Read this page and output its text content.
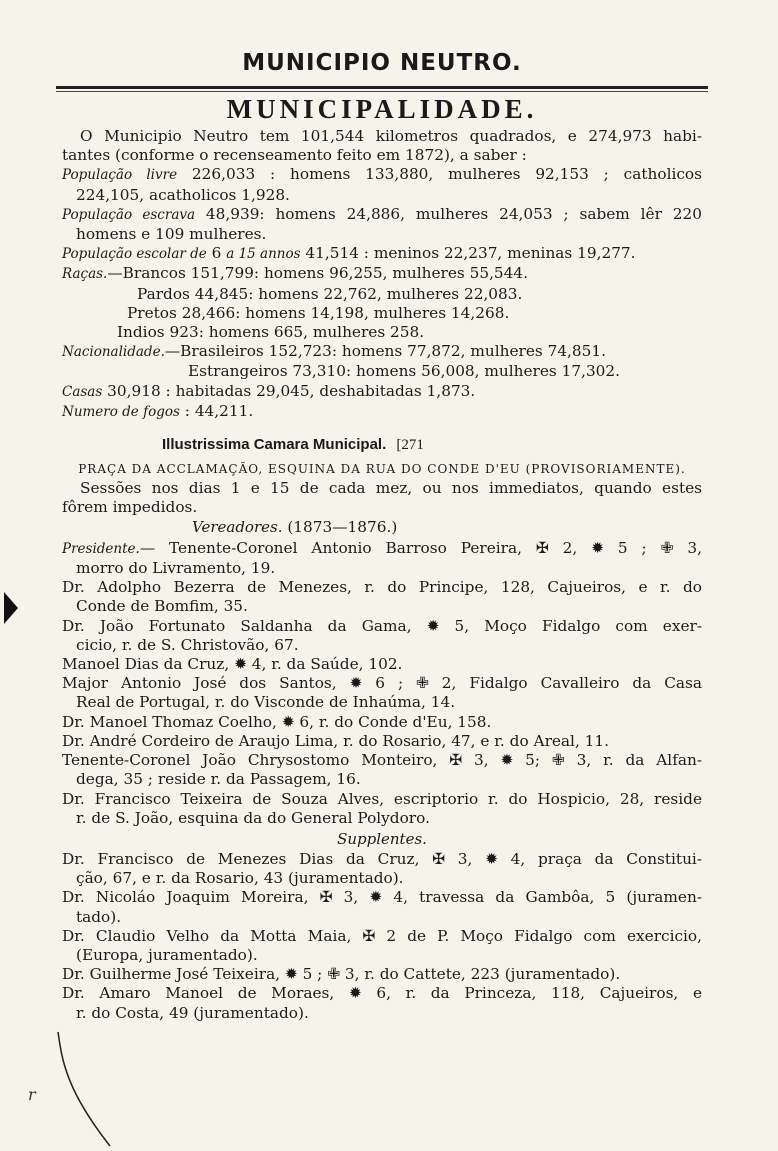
r
MUNICIPIO NEUTRO.
MUNICIPALIDADE.
O Municipio Neutro tem 101,544 kilometros quadrados, e 274,973 habi-
tantes (conforme o recenseamento feito em 1872), a saber :
População livre 226,033 : homens 133,880, mulheres 92,153 ; catholicos
224,105, acatholicos 1,928.
População escrava 48,939: homens 24,886, mulheres 24,053 ; sabem lêr 220
homens e 109 mulheres.
População escolar de 6 a 15 annos 41,514 : meninos 22,237, meninas 19,277.
Raças.—Brancos 151,799: homens 96,255, mulheres 55,544.
Pardos 44,845: homens 22,762, mulheres 22,083.
Pretos 28,466: homens 14,198, mulheres 14,268.
Indios 923: homens 665, mulheres 258.
Nacionalidade.—Brasileiros 152,723: homens 77,872, mulheres 74,851.
Estrangeiros 73,310: homens 56,008, mulheres 17,302.
Casas 30,918 : habitadas 29,045, deshabitadas 1,873.
Numero de fogos : 44,211.
Illustrissima Camara Municipal. [271
PRAÇA DA ACCLAMAÇÃO, ESQUINA DA RUA DO CONDE D'EU (PROVISORIAMENTE).
Sessões nos dias 1 e 15 de cada mez, ou nos immediatos, quando estes
fôrem impedidos.
Vereadores. (1873—1876.)
Presidente.— Tenente-Coronel Antonio Barroso Pereira, ✠ 2, ✹ 5 ; ✙ 3,
morro do Livramento, 19.
Dr. Adolpho Bezerra de Menezes, r. do Principe, 128, Cajueiros, e r. do
Conde de Bomfim, 35.
Dr. João Fortunato Saldanha da Gama, ✹ 5, Moço Fidalgo com exer-
cicio, r. de S. Christovão, 67.
Manoel Dias da Cruz, ✹ 4, r. da Saúde, 102.
Major Antonio José dos Santos, ✹ 6 ; ✙ 2, Fidalgo Cavalleiro da Casa
Real de Portugal, r. do Visconde de Inhaúma, 14.
Dr. Manoel Thomaz Coelho, ✹ 6, r. do Conde d'Eu, 158.
Dr. André Cordeiro de Araujo Lima, r. do Rosario, 47, e r. do Areal, 11.
Tenente-Coronel João Chrysostomo Monteiro, ✠ 3, ✹ 5; ✙ 3, r. da Alfan-
dega, 35 ; reside r. da Passagem, 16.
Dr. Francisco Teixeira de Souza Alves, escriptorio r. do Hospicio, 28, reside
r. de S. João, esquina da do General Polydoro.
Supplentes.
Dr. Francisco de Menezes Dias da Cruz, ✠ 3, ✹ 4, praça da Constitui-
ção, 67, e r. da Rosario, 43 (juramentado).
Dr. Nicoláo Joaquim Moreira, ✠ 3, ✹ 4, travessa da Gambôa, 5 (juramen-
tado).
Dr. Claudio Velho da Motta Maia, ✠ 2 de P. Moço Fidalgo com exercicio,
(Europa, juramentado).
Dr. Guilherme José Teixeira, ✹ 5 ; ✙ 3, r. do Cattete, 223 (juramentado).
Dr. Amaro Manoel de Moraes, ✹ 6, r. da Princeza, 118, Cajueiros, e
r. do Costa, 49 (juramentado).
